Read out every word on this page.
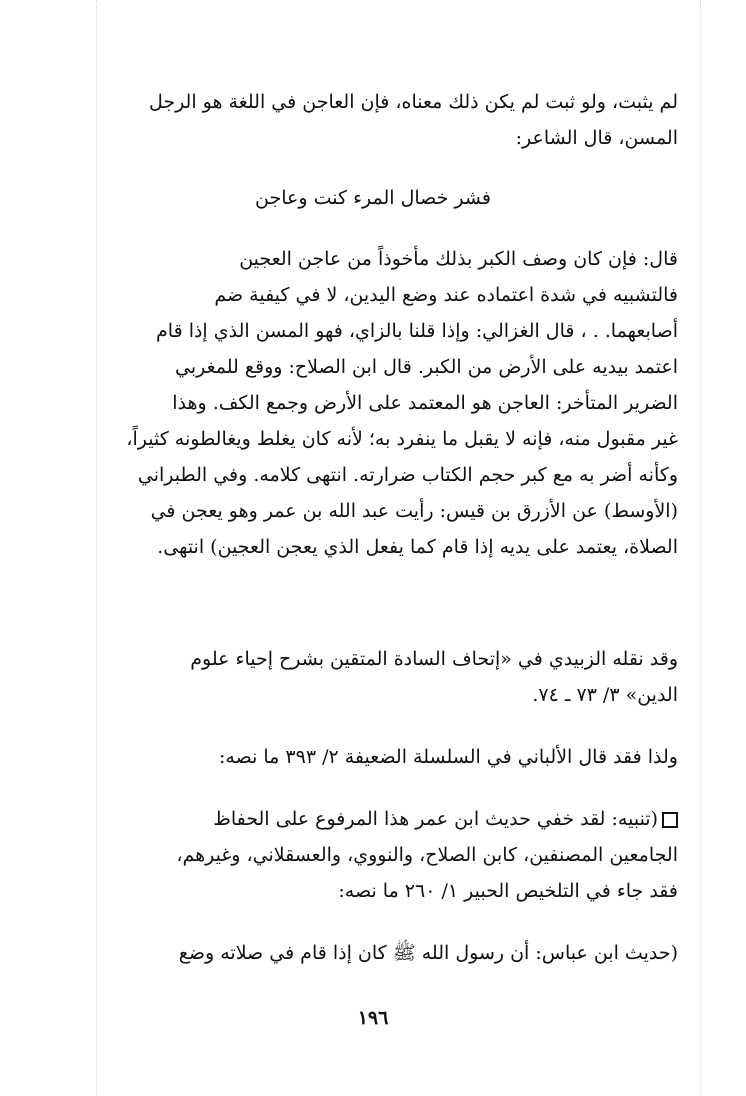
لم يثبت، ولو ثبت لم يكن ذلك معناه، فإن العاجن في اللغة هو الرجل
المسن، قال الشاعر:
فشر خصال المرء كنت وعاجن
قال: فإن كان وصف الكبر بذلك مأخوذاً من عاجن العجين
فالتشبيه في شدة اعتماده عند وضع اليدين، لا في كيفية ضم
أصابعهما. . ، قال الغزالي: وإذا قلنا بالزاي، فهو المسن الذي إذا قام
اعتمد بيديه على الأرض من الكبر. قال ابن الصلاح: ووقع للمغربي
الضرير المتأخر: العاجن هو المعتمد على الأرض وجمع الكف. وهذا
غير مقبول منه، فإنه لا يقبل ما ينفرد به؛ لأنه كان يغلط ويغالطونه كثيراً،
وكأنه أضر به مع كبر حجم الكتاب ضرارته. انتهى كلامه. وفي الطبراني
(الأوسط) عن الأزرق بن قيس: رأيت عبد الله بن عمر وهو يعجن في
الصلاة، يعتمد على يديه إذا قام كما يفعل الذي يعجن العجين) انتهى.
وقد نقله الزبيدي في «إتحاف السادة المتقين بشرح إحياء علوم
الدين» ٣/ ٧٣ ـ ٧٤.
ولذا فقد قال الألباني في السلسلة الضعيفة ٢/ ٣٩٣ ما نصه:
(تنبيه: لقد خفي حديث ابن عمر هذا المرفوع على الحفاظ
الجامعين المصنفين، كابن الصلاح، والنووي، والعسقلاني، وغيرهم،
فقد جاء في التلخيص الحبير ١/ ٢٦٠ ما نصه:
(حديث ابن عباس: أن رسول الله ﷺ كان إذا قام في صلاته وضع
١٩٦
